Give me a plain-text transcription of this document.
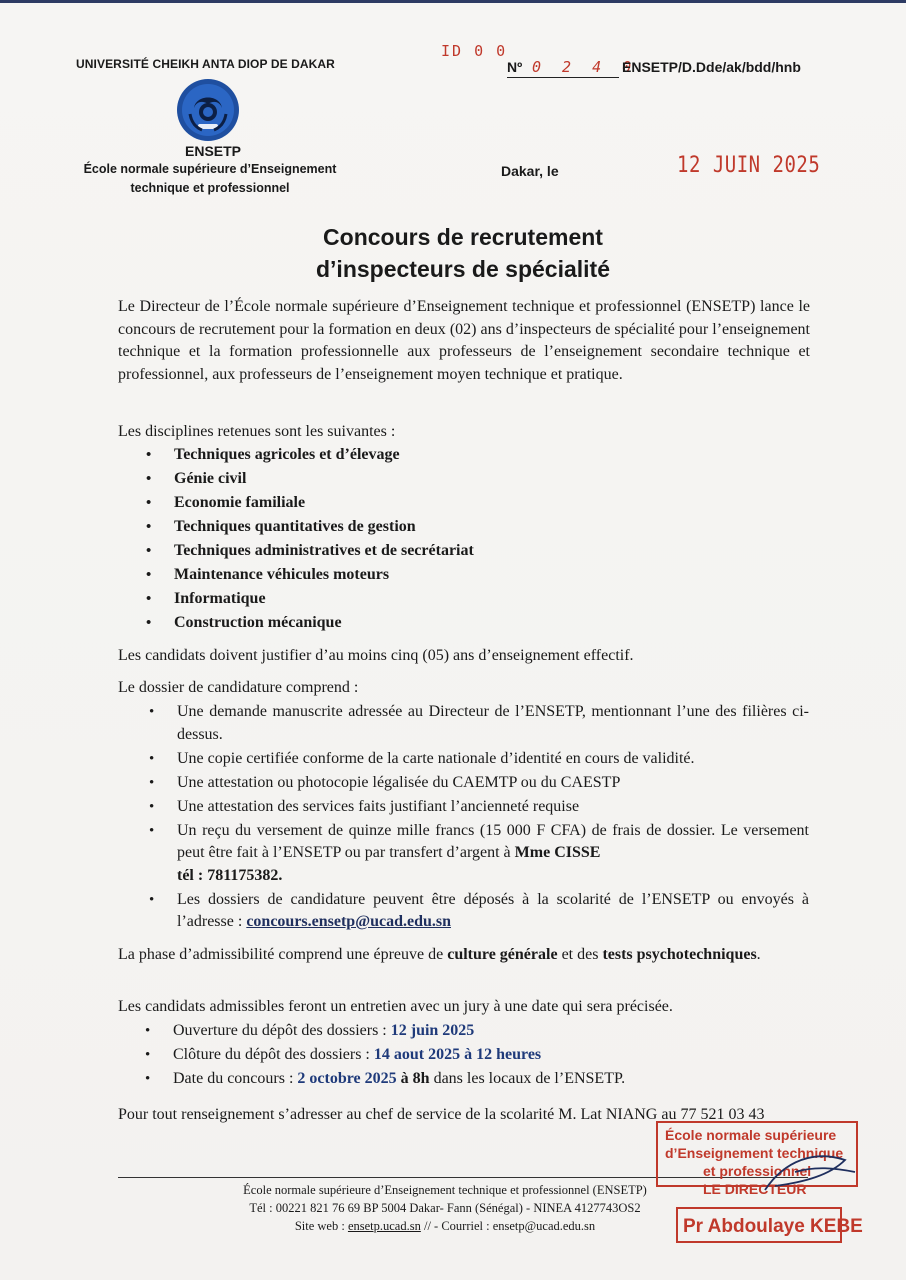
UNIVERSITÉ CHEIKH ANTA DIOP DE DAKAR
ENSETP
École normale supérieure d’Enseignement
technique et professionnel
ID 0 0
Nº 0 2 4 0
ENSETP/D.Dde/ak/bdd/hnb
Dakar, le	12 JUIN 2025
Concours de recrutement
d’inspecteurs de spécialité
Le Directeur de l’École normale supérieure d’Enseignement technique et professionnel (ENSETP) lance le concours de recrutement pour la formation en deux (02) ans d’inspecteurs de spécialité pour l’enseignement technique et la formation professionnelle aux professeurs de l’enseignement secondaire technique et professionnel, aux professeurs de l’enseignement moyen technique et pratique.
Les disciplines retenues sont les suivantes :
• Techniques agricoles et d’élevage
• Génie civil
• Economie familiale
• Techniques quantitatives de gestion
• Techniques administratives et de secrétariat
• Maintenance véhicules moteurs
• Informatique
• Construction mécanique
Les candidats doivent justifier d’au moins cinq (05) ans d’enseignement effectif.
Le dossier de candidature comprend :
• Une demande manuscrite adressée au Directeur de l’ENSETP, mentionnant l’une des filières ci-dessus.
• Une copie certifiée conforme de la carte nationale d’identité en cours de validité.
• Une attestation ou photocopie légalisée du CAEMTP ou du CAESTP
• Une attestation des services faits justifiant l’ancienneté requise
• Un reçu du versement de quinze mille francs (15 000 F CFA) de frais de dossier. Le versement peut être fait à l’ENSETP ou par transfert d’argent à Mme CISSE
tél : 781175382.
• Les dossiers de candidature peuvent être déposés à la scolarité de l’ENSETP ou envoyés à l’adresse : concours.ensetp@ucad.edu.sn
La phase d’admissibilité comprend une épreuve de culture générale et des tests psychotechniques.
Les candidats admissibles feront un entretien avec un jury à une date qui sera précisée.
• Ouverture du dépôt des dossiers : 12 juin 2025
• Clôture du dépôt des dossiers : 14 aout 2025 à 12 heures
• Date du concours : 2 octobre 2025 à 8h dans les locaux de l’ENSETP.
Pour tout renseignement s’adresser au chef de service de la scolarité M. Lat NIANG au 77 521 03 43
École normale supérieure d’Enseignement technique et professionnel (ENSETP)
Tél : 00221 821 76 69 BP 5004 Dakar- Fann (Sénégal) - NINEA 4127743OS2
Site web : ensetp.ucad.sn // - Courriel : ensetp@ucad.edu.sn
École normale supérieure
d’Enseignement technique
et professionnel
LE DIRECTEUR
Pr Abdoulaye KEBE
